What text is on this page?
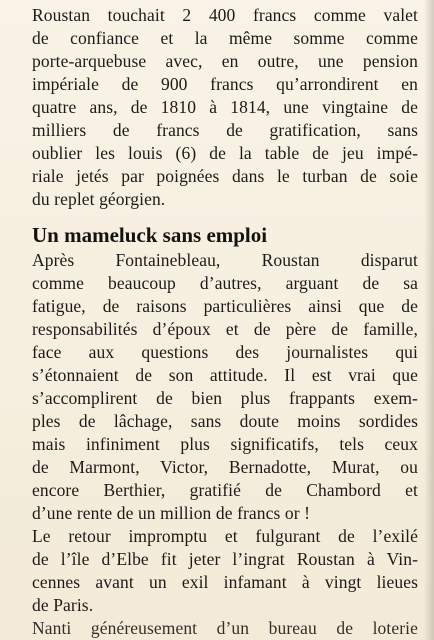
Roustan touchait 2 400 francs comme valet
de confiance et la même somme comme
porte-arquebuse avec, en outre, une pension
impériale de 900 francs qu’arrondirent en
quatre ans, de 1810 à 1814, une vingtaine de
milliers de francs de gratification, sans
oublier les louis (6) de la table de jeu impé-
riale jetés par poignées dans le turban de soie
du replet géorgien.
Un mameluck sans emploi
Après Fontainebleau, Roustan disparut
comme beaucoup d’autres, arguant de sa
fatigue, de raisons particulières ainsi que de
responsabilités d’époux et de père de famille,
face aux questions des journalistes qui
s’étonnaient de son attitude. Il est vrai que
s’accomplirent de bien plus frappants exem-
ples de lâchage, sans doute moins sordides
mais infiniment plus significatifs, tels ceux
de Marmont, Victor, Bernadotte, Murat, ou
encore Berthier, gratifié de Chambord et
d’une rente de un million de francs or !
Le retour impromptu et fulgurant de l’exilé
de l’île d’Elbe fit jeter l’ingrat Roustan à Vin-
cennes avant un exil infamant à vingt lieues
de Paris.
Nanti généreusement d’un bureau de loterie
